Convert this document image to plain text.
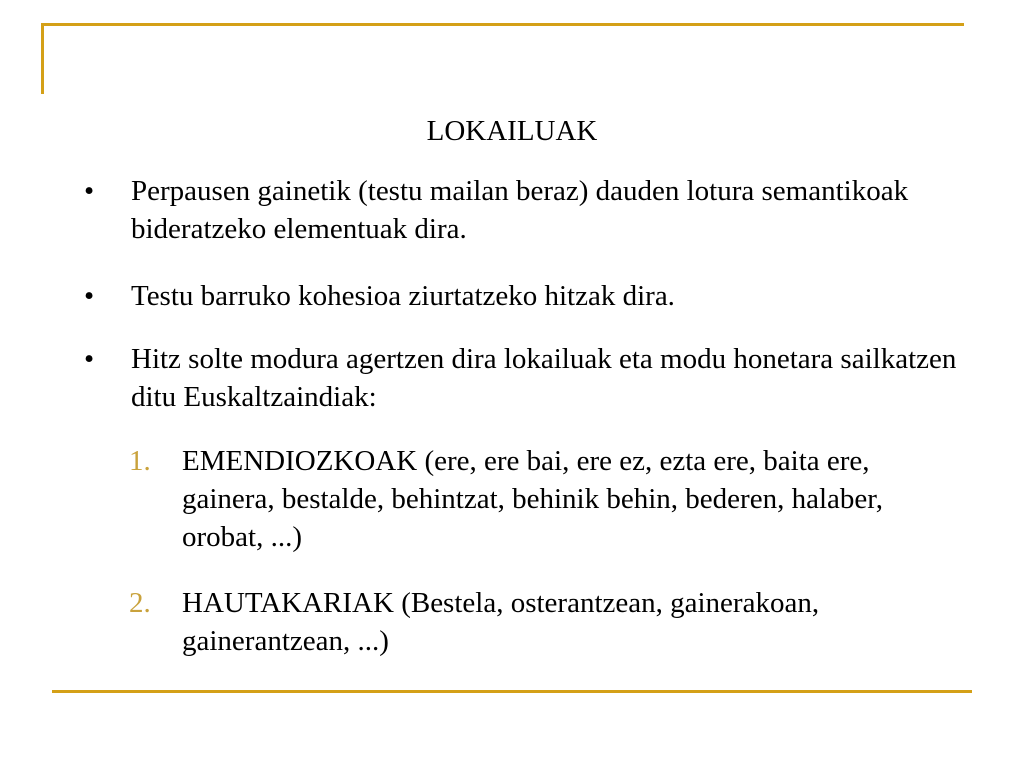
LOKAILUAK
• Perpausen gainetik (testu mailan beraz) dauden lotura semantikoak bideratzeko elementuak dira.
• Testu barruko kohesioa ziurtatzeko hitzak dira.
• Hitz solte modura agertzen dira lokailuak eta modu honetara sailkatzen ditu Euskaltzaindiak:
1. EMENDIOZKOAK (ere, ere bai, ere ez, ezta ere, baita ere, gainera, bestalde, behintzat, behinik behin, bederen, halaber, orobat, ...)
2. HAUTAKARIAK (Bestela, osterantzean, gainerakoan, gainerantzean, ...)
